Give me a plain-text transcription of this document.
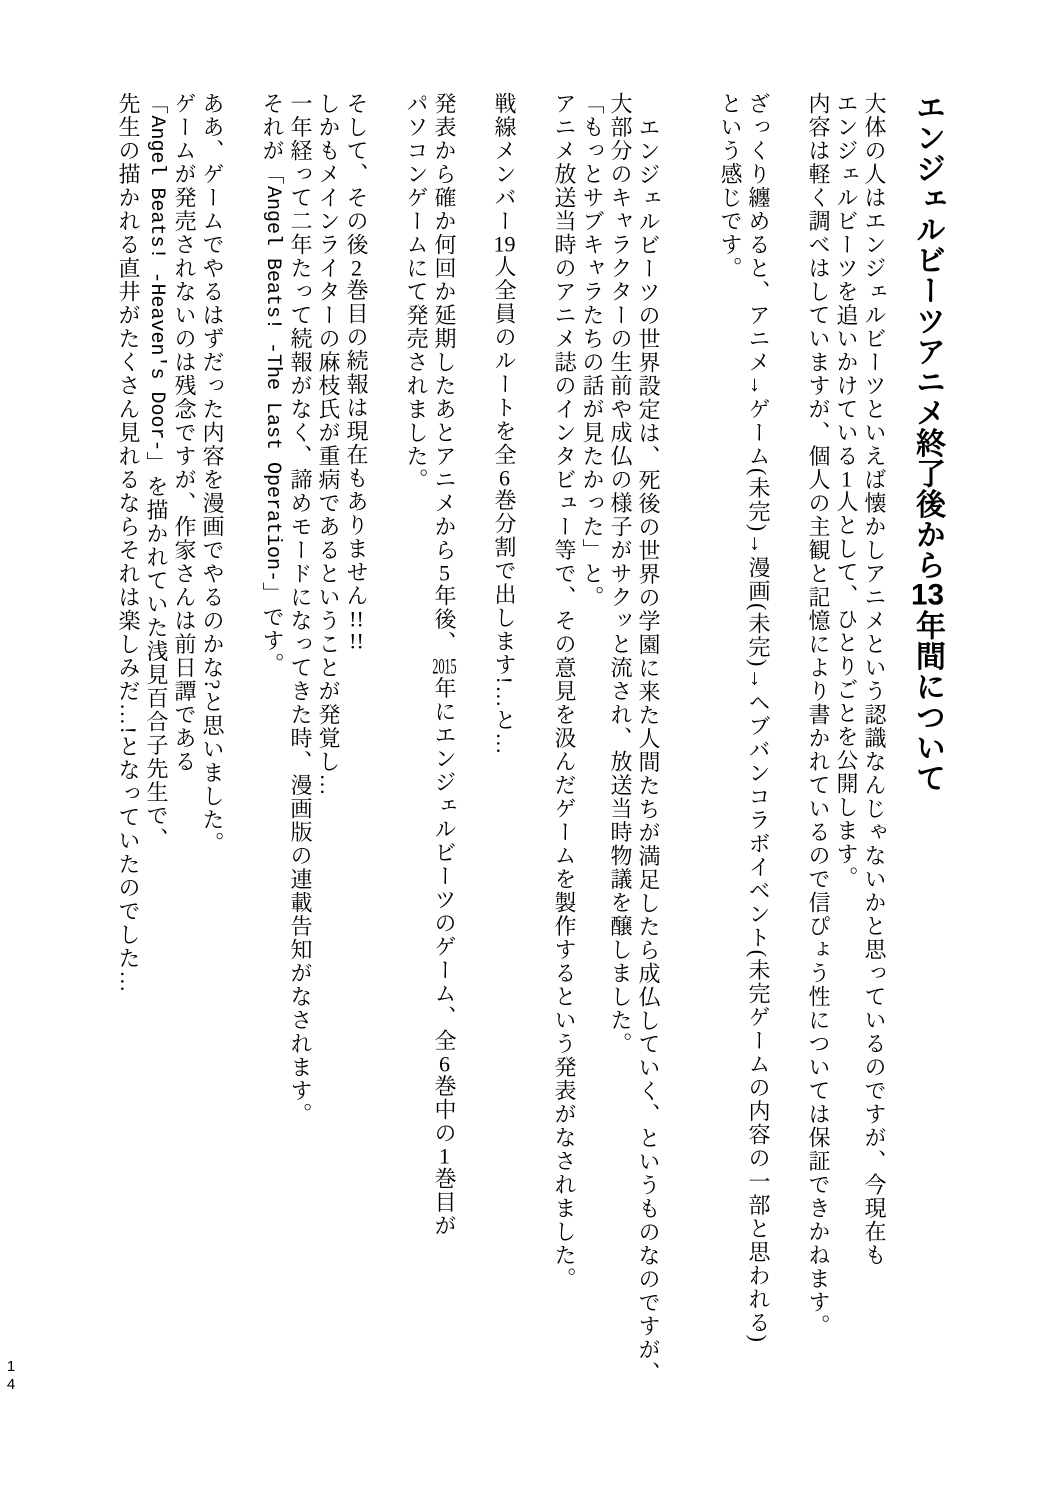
エンジェルビーツアニメ終了後から13年間について
大体の人はエンジェルビーツといえば懐かしアニメという認識なんじゃないかと思っているのですが、今現在も
エンジェルビーツを追いかけている1人として、ひとりごとを公開します。
内容は軽く調べはしていますが、個人の主観と記憶により書かれているので信ぴょう性については保証できかねます。
ざっくり纏めると、アニメ→ゲーム(未完)→漫画(未完)→ヘブバンコラボイベント(未完ゲームの内容の一部と思われる)
という感じです。
エンジェルビーツの世界設定は、死後の世界の学園に来た人間たちが満足したら成仏していく、というものなのですが、
大部分のキャラクターの生前や成仏の様子がサクッと流され、放送当時物議を醸しました。
「もっとサブキャラたちの話が見たかった」と。
アニメ放送当時のアニメ誌のインタビュー等で、その意見を汲んだゲームを製作するという発表がなされました。
戦線メンバー19人全員のルートを全6巻分割で出します!…と…
発表から確か何回か延期したあとアニメから5年後、2015年にエンジェルビーツのゲーム、全6巻中の1巻目が
パソコンゲームにて発売されました。
そして、その後2巻目の続報は現在もありません!!!!
しかもメインライターの麻枝氏が重病であるということが発覚し…
一年経って二年たって続報がなく、諦めモードになってきた時、漫画版の連載告知がなされます。
それが「Angel Beats! -The Last Operation-」です。
ああ、ゲームでやるはずだった内容を漫画でやるのかな?と思いました。
ゲームが発売されないのは残念ですが、作家さんは前日譚である
「Angel Beats! -Heaven's Door-」を描かれていた浅見百合子先生で、
先生の描かれる直井がたくさん見れるならそれは楽しみだ…!となっていたのでした…
14
